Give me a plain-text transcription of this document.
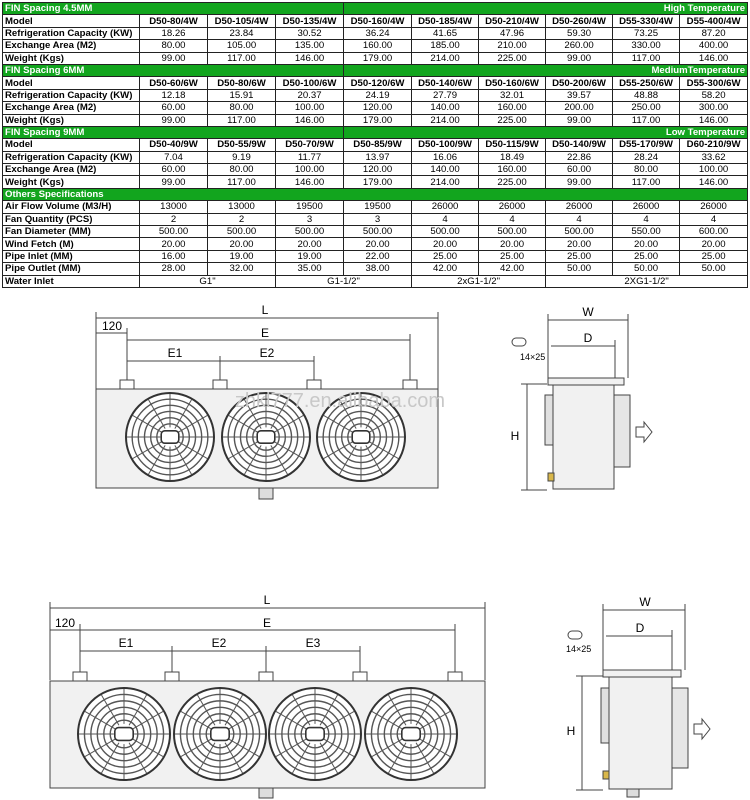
FIN Spacing 4.5MM				High Temperature					
Model	D50-80/4W	D50-105/4W	D50-135/4W	D50-160/4W	D50-185/4W	D50-210/4W	D50-260/4W	D55-330/4W	D55-400/4W
Refrigeration Capacity (KW)	18.26	23.84	30.52	36.24	41.65	47.96	59.30	73.25	87.20
Exchange Area (M2)	80.00	105.00	135.00	160.00	185.00	210.00	260.00	330.00	400.00
Weight (Kgs)	99.00	117.00	146.00	179.00	214.00	225.00	99.00	117.00	146.00
FIN Spacing 6MM				MediumTemperature					
Model	D50-60/6W	D50-80/6W	D50-100/6W	D50-120/6W	D50-140/6W	D50-160/6W	D50-200/6W	D55-250/6W	D55-300/6W
Refrigeration Capacity (KW)	12.18	15.91	20.37	24.19	27.79	32.01	39.57	48.88	58.20
Exchange Area (M2)	60.00	80.00	100.00	120.00	140.00	160.00	200.00	250.00	300.00
Weight (Kgs)	99.00	117.00	146.00	179.00	214.00	225.00	99.00	117.00	146.00
FIN Spacing 9MM				Low Temperature					
Model	D50-40/9W	D50-55/9W	D50-70/9W	D50-85/9W	D50-100/9W	D50-115/9W	D50-140/9W	D55-170/9W	D60-210/9W
Refrigeration Capacity (KW)	7.04	9.19	11.77	13.97	16.06	18.49	22.86	28.24	33.62
Exchange Area (M2)	60.00	80.00	100.00	120.00	140.00	160.00	60.00	80.00	100.00
Weight (Kgs)	99.00	117.00	146.00	179.00	214.00	225.00	99.00	117.00	146.00
Others Specifications									
Air Flow Volume (M3/H)	13000	13000	19500	19500	26000	26000	26000	26000	26000
Fan Quantity (PCS)	2	2	3	3	4	4	4	4	4
Fan Diameter (MM)	500.00	500.00	500.00	500.00	500.00	500.00	500.00	550.00	600.00
Wind Fetch (M)	20.00	20.00	20.00	20.00	20.00	20.00	20.00	20.00	20.00
Pipe Inlet (MM)	16.00	19.00	19.00	22.00	25.00	25.00	25.00	25.00	25.00
Pipe Outlet (MM)	28.00	32.00	35.00	38.00	42.00	42.00	50.00	50.00	50.00
Water Inlet	G1"		G1-1/2"		2xG1-1/2"		2XG1-1/2"		
L
120	E
E1	E2
zhkl777.en.alibaba.com
W
D
H
14×25
L
120	E
E1	E2	E3
W
D
H
14×25
